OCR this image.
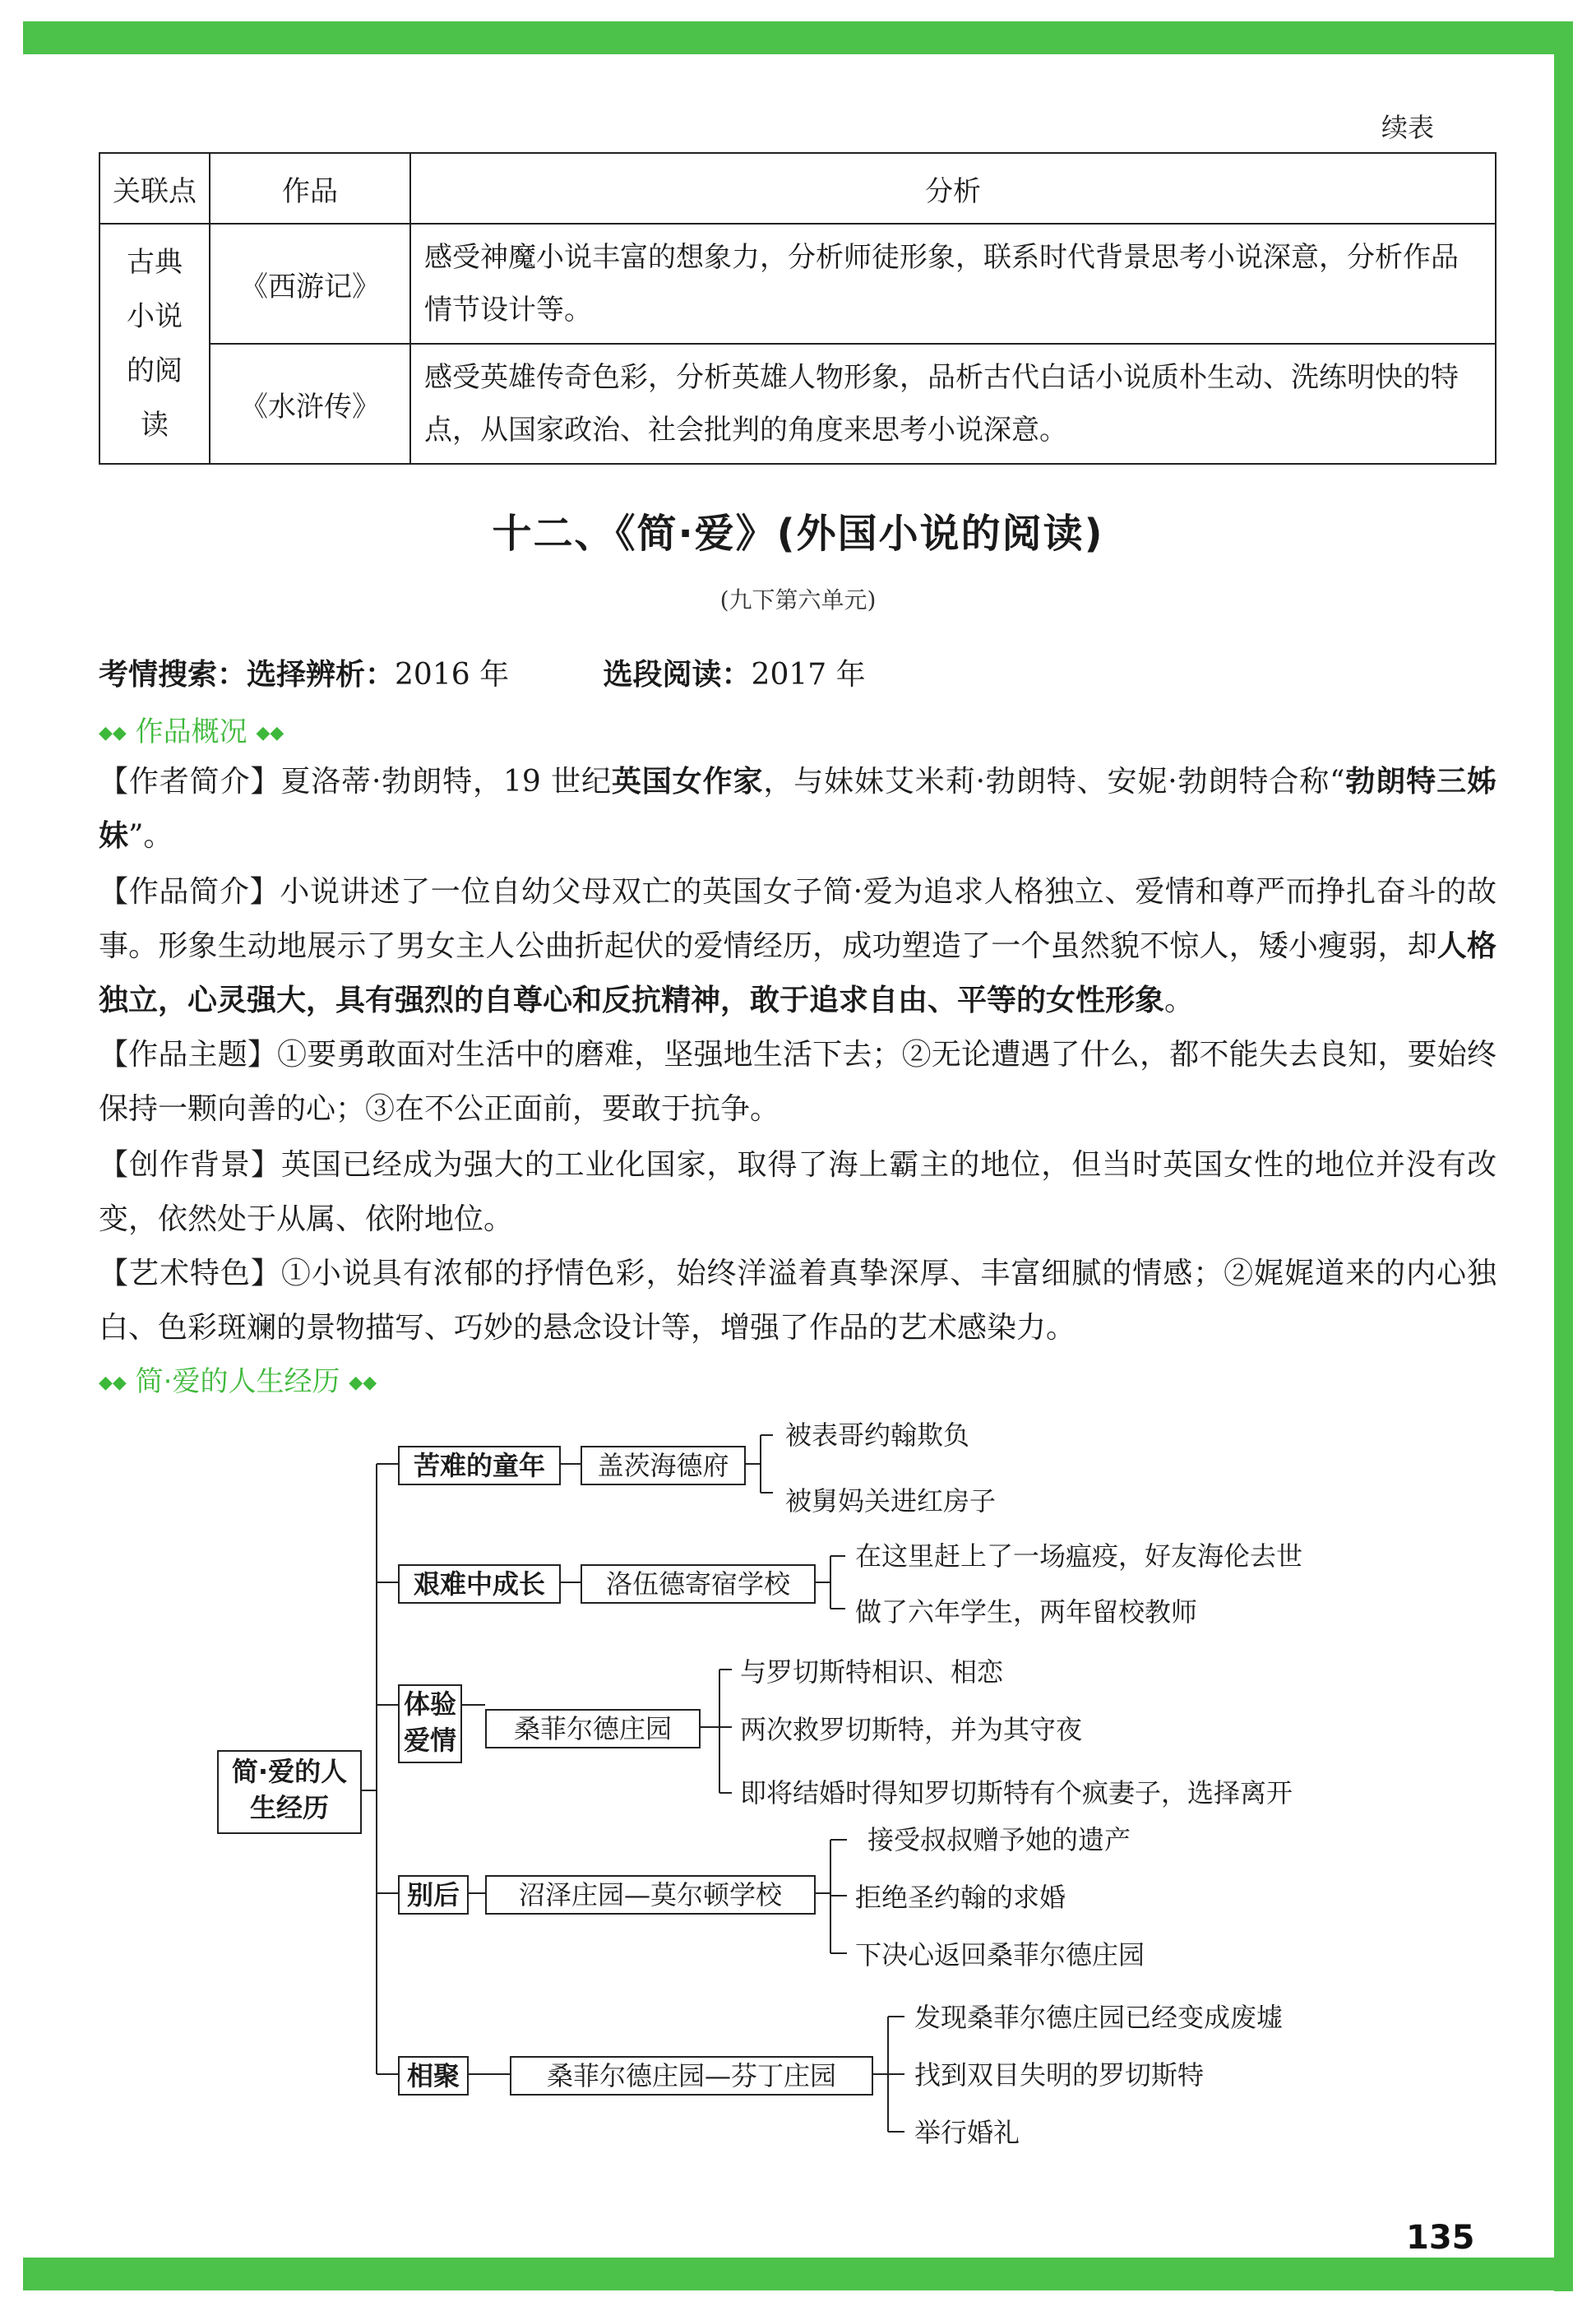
续表
关联点	作品	分析

古典小说的阅读	《西游记》	感受神魔小说丰富的想象力，分析师徒形象，联系时代背景思考小说深意，分析作品情节设计等。
	《水浒传》	感受英雄传奇色彩，分析英雄人物形象，品析古代白话小说质朴生动、洗练明快的特点，从国家政治、社会批判的角度来思考小说深意。
十二、《简·爱》(外国小说的阅读)
(九下第六单元)
考情搜索：选择辨析：2016 年	选段阅读：2017 年
◆◆ 作品概况 ◆◆
【作者简介】夏洛蒂·勃朗特，19 世纪英国女作家，与妹妹艾米莉·勃朗特、安妮·勃朗特合称“勃朗特三姊妹”。
【作品简介】小说讲述了一位自幼父母双亡的英国女子简·爱为追求人格独立、爱情和尊严而挣扎奋斗的故事。形象生动地展示了男女主人公曲折起伏的爱情经历，成功塑造了一个虽然貌不惊人，矮小瘦弱，却人格独立，心灵强大，具有强烈的自尊心和反抗精神，敢于追求自由、平等的女性形象。
【作品主题】①要勇敢面对生活中的磨难，坚强地生活下去；②无论遭遇了什么，都不能失去良知，要始终保持一颗向善的心；③在不公正面前，要敢于抗争。
【创作背景】英国已经成为强大的工业化国家，取得了海上霸主的地位，但当时英国女性的地位并没有改变，依然处于从属、依附地位。
【艺术特色】①小说具有浓郁的抒情色彩，始终洋溢着真挚深厚、丰富细腻的情感；②娓娓道来的内心独白、色彩斑斓的景物描写、巧妙的悬念设计等，增强了作品的艺术感染力。
◆◆ 简·爱的人生经历 ◆◆
简·爱的人生经历
苦难的童年	盖茨海德府
被表哥约翰欺负
被舅妈关进红房子
艰难中成长	洛伍德寄宿学校
在这里赶上了一场瘟疫，好友海伦去世
做了六年学生，两年留校教师
体验爱情	桑菲尔德庄园
与罗切斯特相识、相恋
两次救罗切斯特，并为其守夜
即将结婚时得知罗切斯特有个疯妻子，选择离开
别后	沼泽庄园—莫尔顿学校
接受叔叔赠予她的遗产
拒绝圣约翰的求婚
下决心返回桑菲尔德庄园
相聚	桑菲尔德庄园—芬丁庄园
发现桑菲尔德庄园已经变成废墟
找到双目失明的罗切斯特
举行婚礼
135
